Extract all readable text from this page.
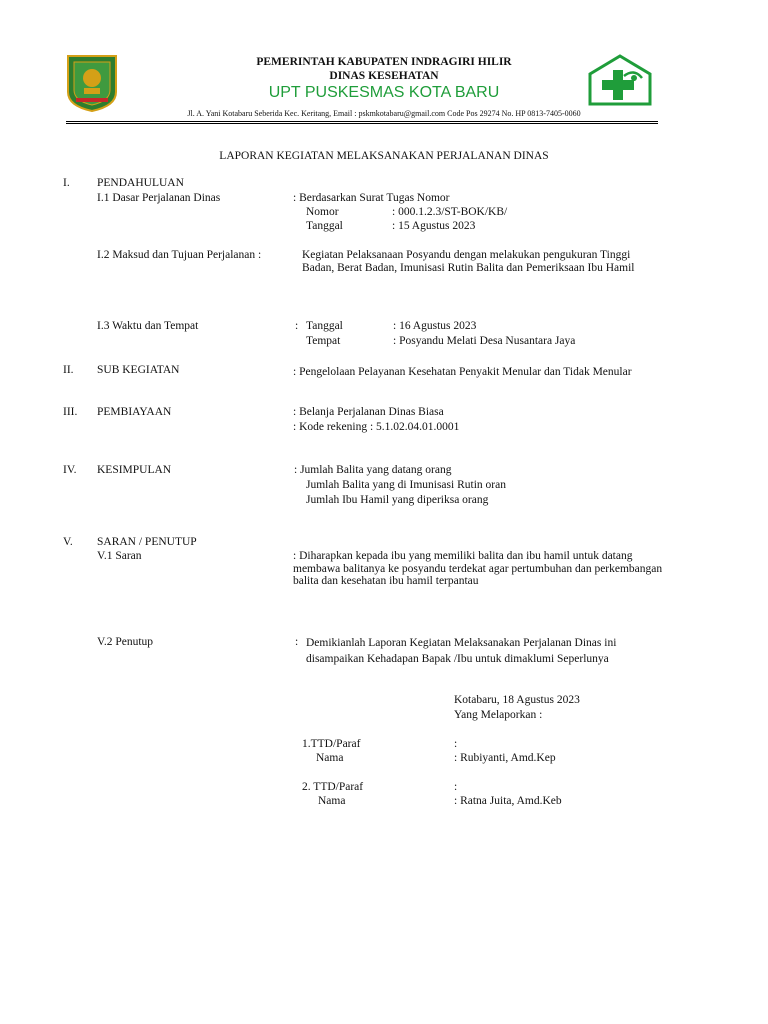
PEMERINTAH KABUPATEN INDRAGIRI HILIR
DINAS KESEHATAN
UPT PUSKESMAS KOTA BARU
Jl. A. Yani Kotabaru Seberida Kec. Keritang, Email : pskmkotabaru@gmail.com Code Pos 29274 No. HP 0813-7405-0060
LAPORAN KEGIATAN MELAKSANAKAN PERJALANAN DINAS
I. PENDAHULUAN
I.1 Dasar Perjalanan Dinas	: Berdasarkan Surat Tugas Nomor
Nomor	: 000.1.2.3/ST-BOK/KB/
Tanggal	: 15 Agustus 2023
I.2 Maksud dan Tujuan Perjalanan :	Kegiatan Pelaksanaan Posyandu dengan melakukan pengukuran Tinggi Badan, Berat Badan, Imunisasi Rutin Balita dan Pemeriksaan Ibu Hamil
I.3 Waktu dan Tempat	: Tanggal	: 16 Agustus 2023
Tempat	: Posyandu Melati Desa Nusantara Jaya
II. SUB KEGIATAN	: Pengelolaan Pelayanan Kesehatan Penyakit Menular dan Tidak Menular
III. PEMBIAYAAN	: Belanja Perjalanan Dinas Biasa
: Kode rekening : 5.1.02.04.01.0001
IV. KESIMPULAN	: Jumlah Balita yang datang orang
Jumlah Balita yang di Imunisasi Rutin oran
Jumlah Ibu Hamil yang diperiksa orang
V. SARAN / PENUTUP
V.1 Saran	: Diharapkan kepada ibu yang memiliki balita dan ibu hamil untuk datang membawa balitanya ke posyandu terdekat agar pertumbuhan dan perkembangan balita dan kesehatan ibu hamil terpantau
V.2 Penutup	: Demikianlah Laporan Kegiatan Melaksanakan Perjalanan Dinas ini disampaikan Kehadapan Bapak /Ibu untuk dimaklumi Seperlunya
Kotabaru, 18 Agustus 2023
Yang Melaporkan :
1.TTD/Paraf	:
Nama	: Rubiyanti, Amd.Kep
2. TTD/Paraf	:
Nama	: Ratna Juita, Amd.Keb
